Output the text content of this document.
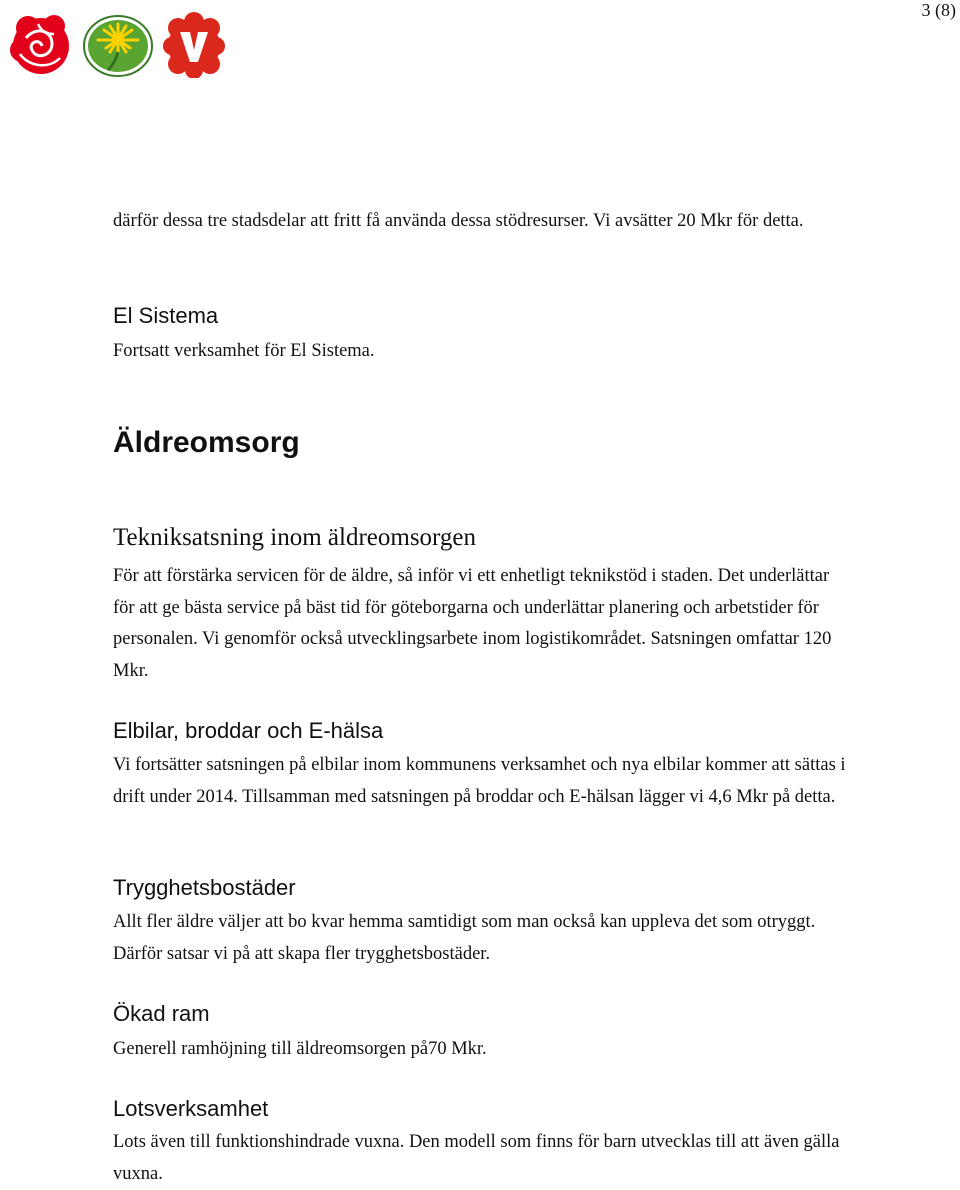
3 (8)

därför dessa tre stadsdelar att fritt få använda dessa stödresurser. Vi avsätter 20 Mkr för detta.

El Sistema

Fortsatt verksamhet för El Sistema.

Äldreomsorg
Tekniksatsning inom äldreomsorgen

För att förstärka servicen för de äldre, så inför vi ett enhetligt teknikstöd i staden. Det underlättar för att ge bästa service på bäst tid för göteborgarna och underlättar planering och arbetstider för personalen. Vi genomför också utvecklingsarbete inom logistikområdet. Satsningen omfattar 120 Mkr.

Elbilar, broddar och E-hälsa

Vi fortsätter satsningen på elbilar inom kommunens verksamhet och nya elbilar kommer att sättas i drift under 2014. Tillsamman med satsningen på broddar och E-hälsan lägger vi 4,6 Mkr på detta.

Trygghetsbostäder

Allt fler äldre väljer att bo kvar hemma samtidigt som man också kan uppleva det som otryggt. Därför satsar vi på att skapa fler trygghetsbostäder.

Ökad ram

Generell ramhöjning till äldreomsorgen på70 Mkr.

Lotsverksamhet

Lots även till funktionshindrade vuxna. Den modell som finns för barn utvecklas till att även gälla vuxna.
